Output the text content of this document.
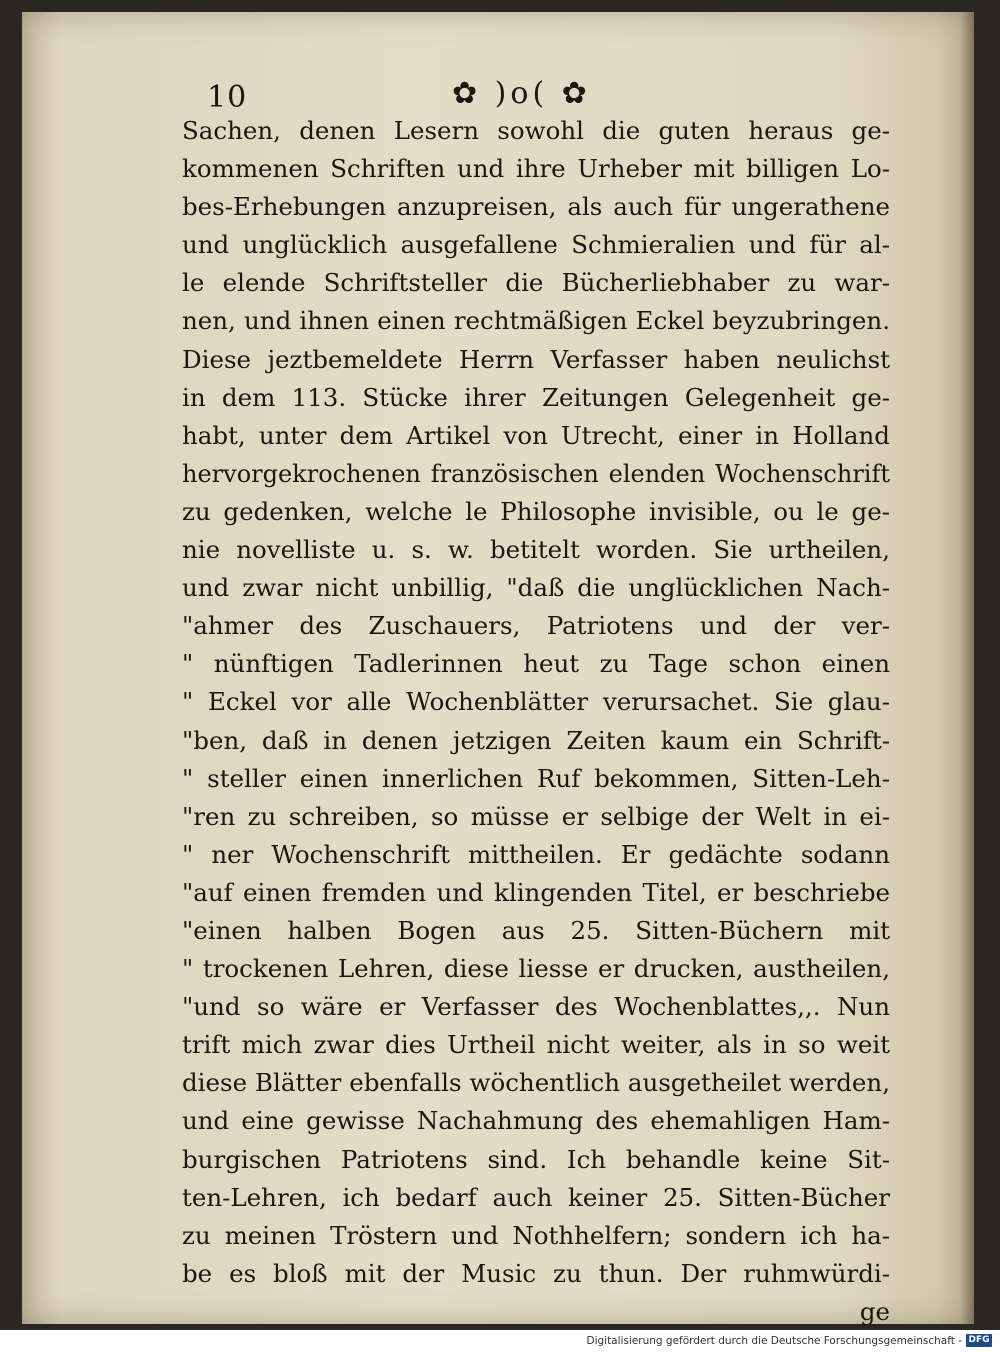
10	✿ )o( ✿
Sachen, denen Lesern sowohl die guten heraus ge-
kommenen Schriften und ihre Urheber mit billigen Lo-
bes-Erhebungen anzupreisen, als auch für ungerathene
und unglücklich ausgefallene Schmieralien und für al-
le elende Schriftsteller die Bücherliebhaber zu war-
nen, und ihnen einen rechtmäßigen Eckel beyzubringen.
Diese jeztbemeldete Herrn Verfasser haben neulichst
in dem 113. Stücke ihrer Zeitungen Gelegenheit ge-
habt, unter dem Artikel von Utrecht, einer in Holland
hervorgekrochenen französischen elenden Wochenschrift
zu gedenken, welche le Philosophe invisible, ou le ge-
nie novelliste u. s. w. betitelt worden. Sie urtheilen,
und zwar nicht unbillig, "daß die unglücklichen Nach-
"ahmer des Zuschauers, Patriotens und der ver-
" nünftigen Tadlerinnen heut zu Tage schon einen
" Eckel vor alle Wochenblätter verursachet. Sie glau-
"ben, daß in denen jetzigen Zeiten kaum ein Schrift-
" steller einen innerlichen Ruf bekommen, Sitten-Leh-
"ren zu schreiben, so müsse er selbige der Welt in ei-
" ner Wochenschrift mittheilen. Er gedächte sodann
"auf einen fremden und klingenden Titel, er beschriebe
"einen halben Bogen aus 25. Sitten-Büchern mit
" trockenen Lehren, diese liesse er drucken, austheilen,
"und so wäre er Verfasser des Wochenblattes,,. Nun
trift mich zwar dies Urtheil nicht weiter, als in so weit
diese Blätter ebenfalls wöchentlich ausgetheilet werden,
und eine gewisse Nachahmung des ehemahligen Ham-
burgischen Patriotens sind. Ich behandle keine Sit-
ten-Lehren, ich bedarf auch keiner 25. Sitten-Bücher
zu meinen Tröstern und Nothhelfern; sondern ich ha-
be es bloß mit der Music zu thun. Der ruhmwürdi-
ge
Digitalisierung gefördert durch die Deutsche Forschungsgemeinschaft - DFG
